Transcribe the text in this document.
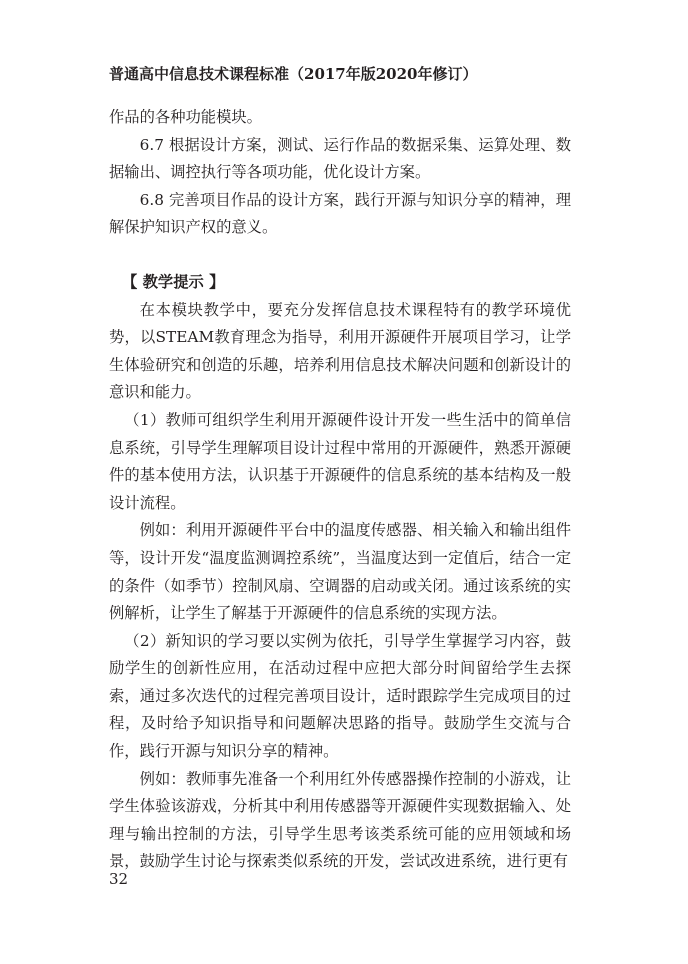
普通高中信息技术课程标准（2017年版2020年修订）

作品的各种功能模块。

6.7 根据设计方案，测试、运行作品的数据采集、运算处理、数据输出、调控执行等各项功能，优化设计方案。

6.8 完善项目作品的设计方案，践行开源与知识分享的精神，理解保护知识产权的意义。

【 教学提示 】

在本模块教学中，要充分发挥信息技术课程特有的教学环境优势，以STEAM教育理念为指导，利用开源硬件开展项目学习，让学生体验研究和创造的乐趣，培养利用信息技术解决问题和创新设计的意识和能力。

（1）教师可组织学生利用开源硬件设计开发一些生活中的简单信息系统，引导学生理解项目设计过程中常用的开源硬件，熟悉开源硬件的基本使用方法，认识基于开源硬件的信息系统的基本结构及一般设计流程。

例如：利用开源硬件平台中的温度传感器、相关输入和输出组件等，设计开发“温度监测调控系统”，当温度达到一定值后，结合一定的条件（如季节）控制风扇、空调器的启动或关闭。通过该系统的实例解析，让学生了解基于开源硬件的信息系统的实现方法。

（2）新知识的学习要以实例为依托，引导学生掌握学习内容，鼓励学生的创新性应用，在活动过程中应把大部分时间留给学生去探索，通过多次迭代的过程完善项目设计，适时跟踪学生完成项目的过程，及时给予知识指导和问题解决思路的指导。鼓励学生交流与合作，践行开源与知识分享的精神。

例如：教师事先准备一个利用红外传感器操作控制的小游戏，让学生体验该游戏，分析其中利用传感器等开源硬件实现数据输入、处理与输出控制的方法，引导学生思考该类系统可能的应用领域和场景，鼓励学生讨论与探索类似系统的开发，尝试改进系统，进行更有

32
